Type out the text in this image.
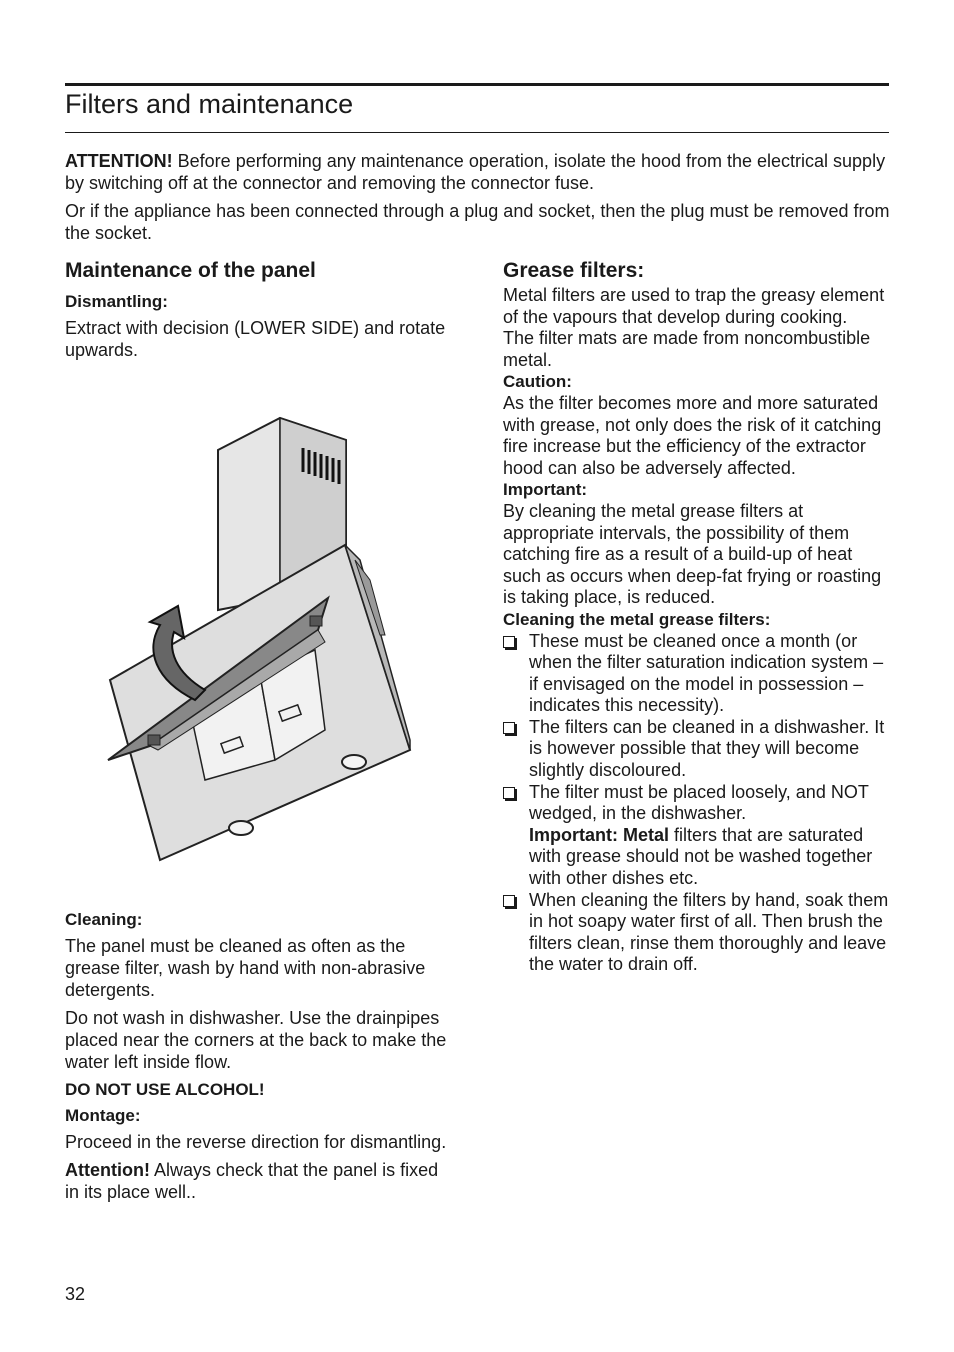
Filters and maintenance

ATTENTION! Before performing any maintenance operation, isolate the hood from the electrical supply by switching off at the connector and removing the connector fuse.

Or if the appliance has been connected through a plug and socket, then the plug must be removed from the socket.

Maintenance of the panel
Dismantling:

Extract with decision (LOWER SIDE) and rotate upwards.

Cleaning:

The panel must be cleaned as often as the grease filter, wash by hand with non-abrasive detergents.

Do not wash in dishwasher. Use the drainpipes placed near the corners at the back to make the water left inside flow.

DO NOT USE ALCOHOL!
Montage:

Proceed in the reverse direction for dismantling.

Attention! Always check that the panel is fixed in its place well..

Grease filters:

Metal filters are used to trap the greasy element of the vapours that develop during cooking.

The filter mats are made from noncombustible metal.

Caution:

As the filter becomes more and more saturated with grease, not only does the risk of it catching fire increase but the efficiency of the extractor hood can also be adversely affected.

Important:

By cleaning the metal grease filters at appropriate intervals, the possibility of them catching fire as a result of a build-up of heat such as occurs when deep-fat frying or roasting is taking place, is reduced.

Cleaning the metal grease filters:
These must be cleaned once a month (or when the filter saturation indication system – if envisaged on the model in possession – indicates this necessity).
The filters can be cleaned in a dishwasher. It is however possible that they will become slightly discoloured.
The filter must be placed loosely, and NOT wedged, in the dishwasher.
Important: Metal filters that are saturated with grease should not be washed together with other dishes etc.
When cleaning the filters by hand, soak them in hot soapy water first of all. Then brush the filters clean, rinse them thoroughly and leave the water to drain off.
32
